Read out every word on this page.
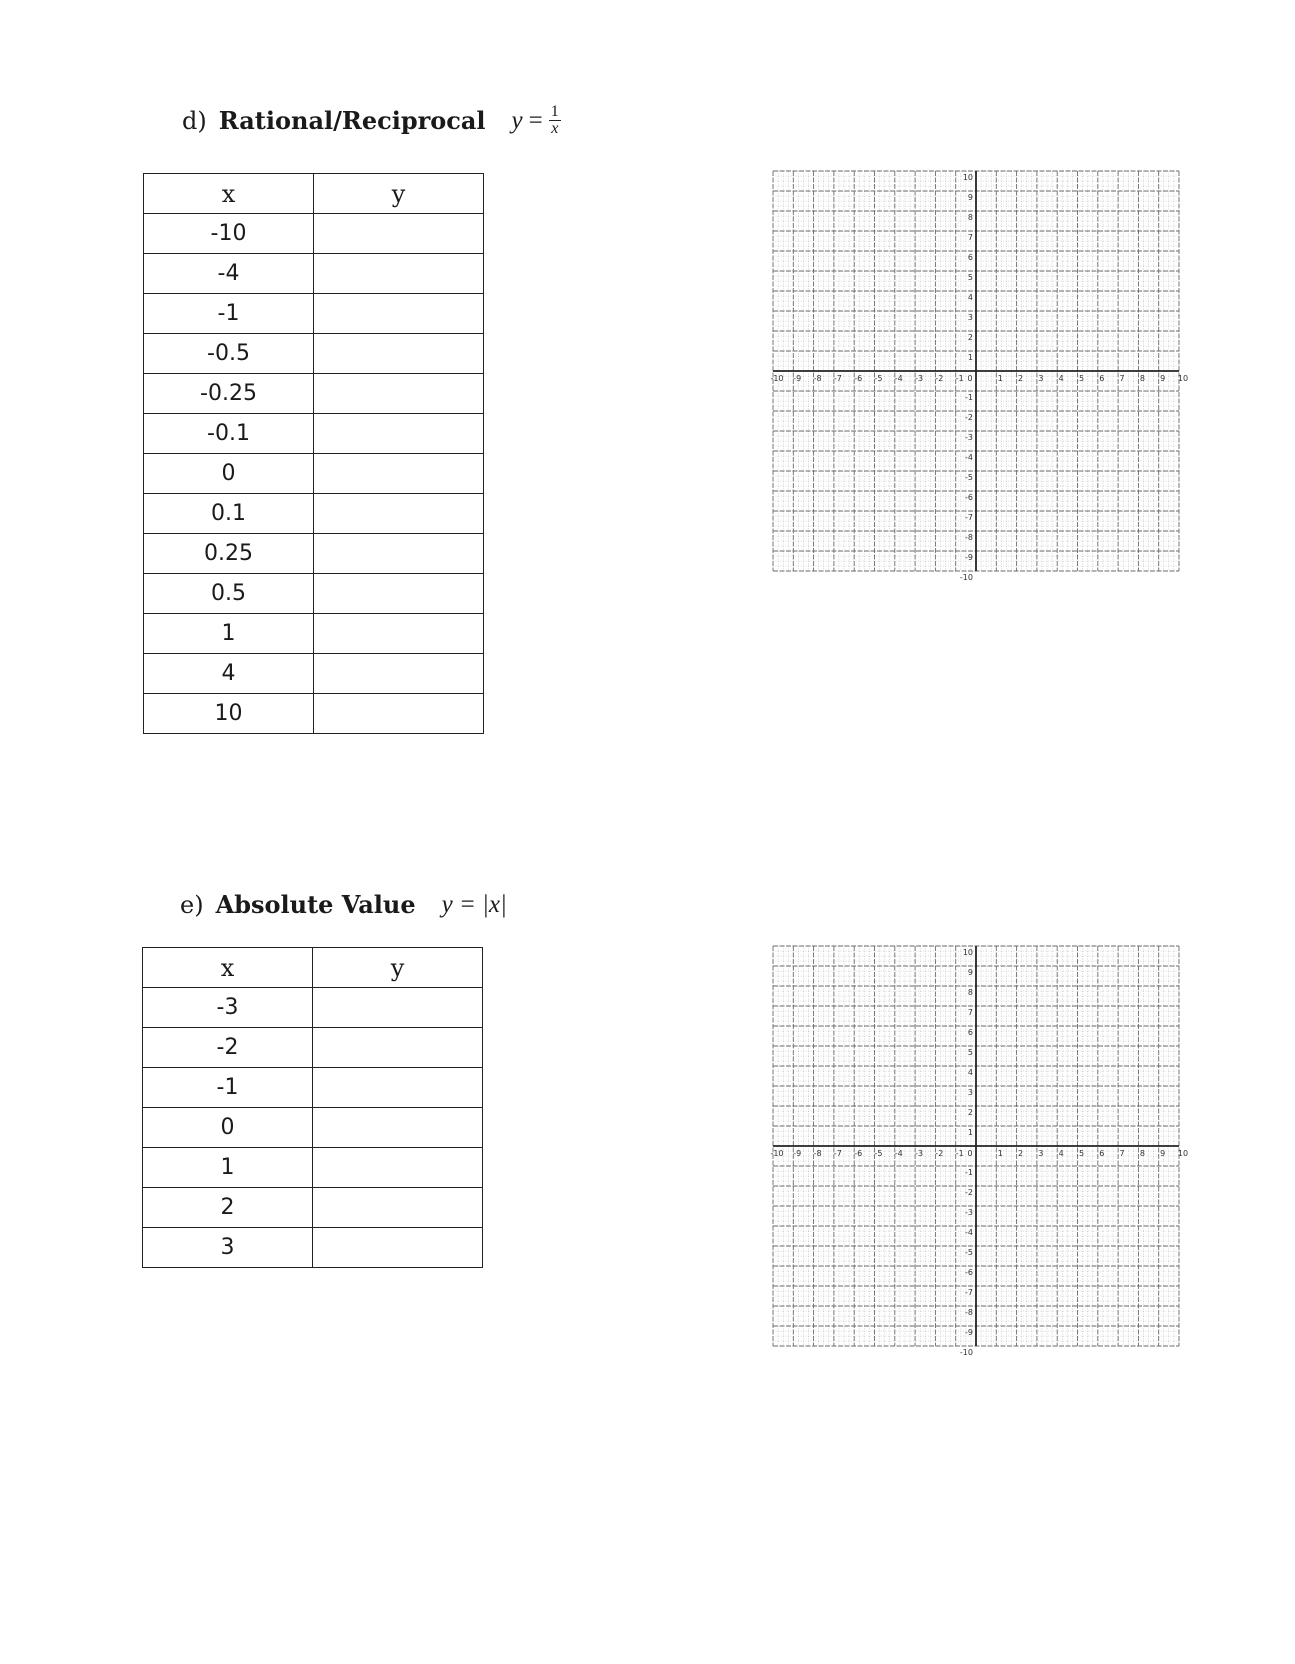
d) Rational/Reciprocal $y = \frac{1}{x}$
x	y
-10	
-4	
-1	
-0.5	
-0.25	
-0.1	
0	
0.1	
0.25	
0.5	
1	
4	
10	
-10 -9 -8 -7 -6 -5 -4 -3 -2 -1 0	1 2 3 4 5 6 7 8 9 10
10
9
8
7
6
5
4
3
2
1
-1
-2
-3
-4
-5
-6
-7
-8
-9
-10
e) Absolute Value y = |x|
x	y
-3	
-2	
-1	
0	
1	
2	
3	
-10 -9 -8 -7 -6 -5 -4 -3 -2 -1 0	1 2 3 4 5 6 7 8 9 10
10
9
8
7
6
5
4
3
2
1
-1
-2
-3
-4
-5
-6
-7
-8
-9
-10
